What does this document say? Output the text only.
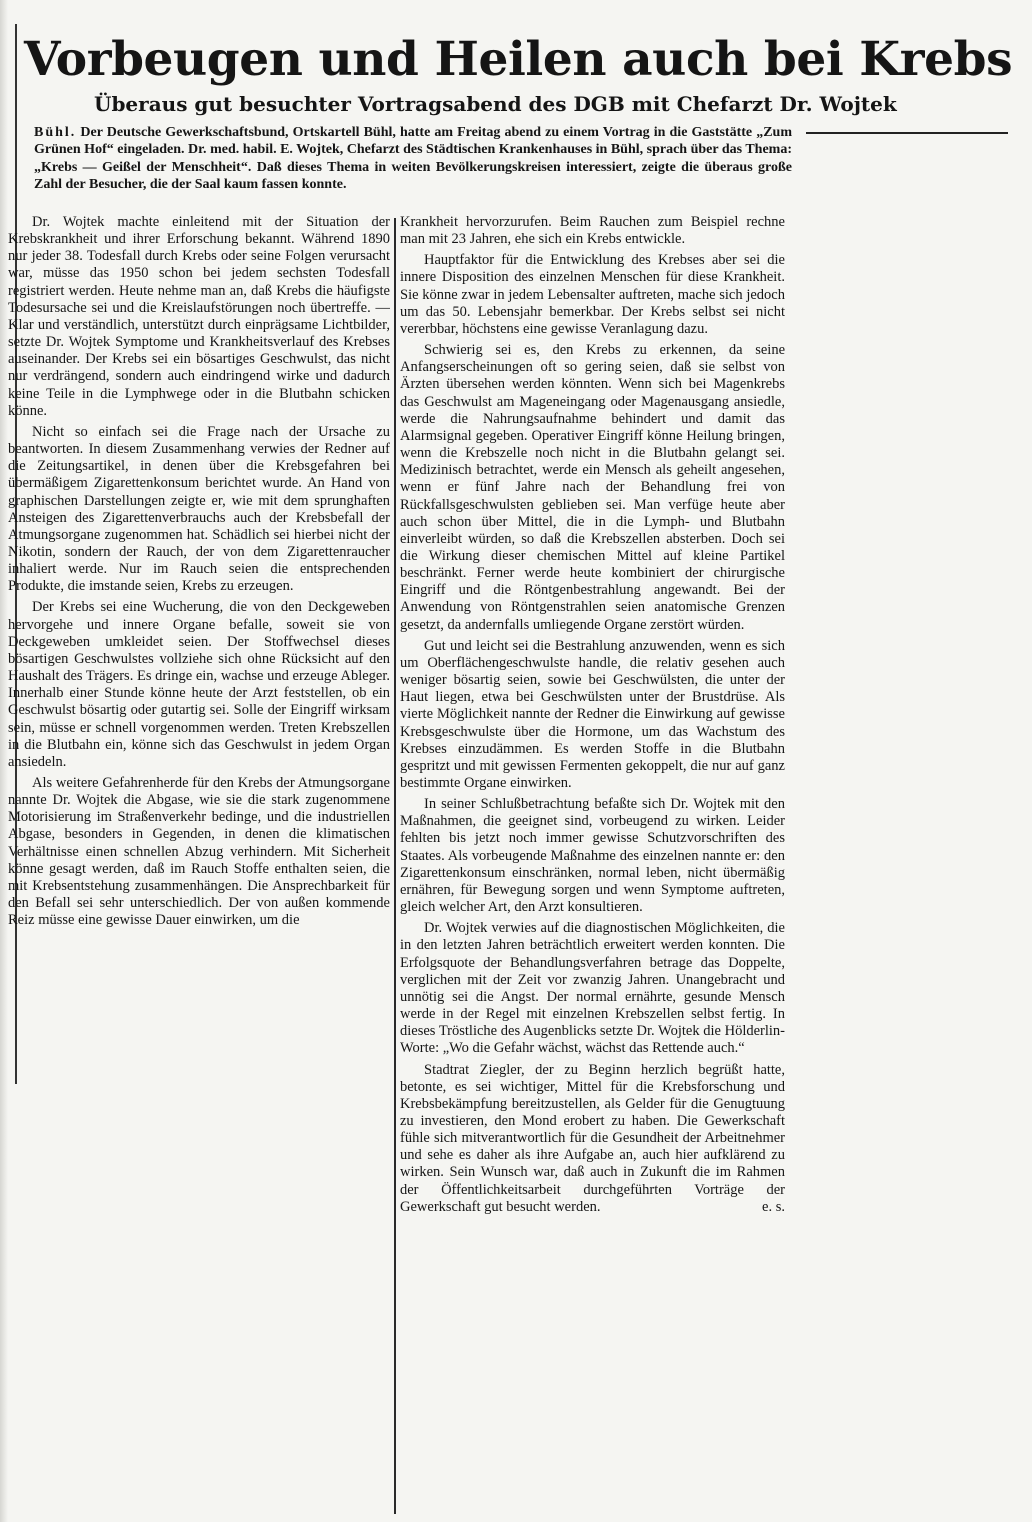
Vorbeugen und Heilen auch bei Krebs
Überaus gut besuchter Vortragsabend des DGB mit Chefarzt Dr. Wojtek

Bühl. Der Deutsche Gewerkschaftsbund, Ortskartell Bühl, hatte am Freitag abend zu einem Vortrag in die Gaststätte „Zum Grünen Hof“ eingeladen. Dr. med. habil. E. Wojtek, Chefarzt des Städtischen Krankenhauses in Bühl, sprach über das Thema: „Krebs — Geißel der Menschheit“. Daß dieses Thema in weiten Bevölkerungskreisen interessiert, zeigte die überaus große Zahl der Besucher, die der Saal kaum fassen konnte.

Dr. Wojtek machte einleitend mit der Situation der Krebskrankheit und ihrer Erforschung bekannt. Während 1890 nur jeder 38. Todesfall durch Krebs oder seine Folgen verursacht war, müsse das 1950 schon bei jedem sechsten Todesfall registriert werden. Heute nehme man an, daß Krebs die häufigste Todesursache sei und die Kreislaufstörungen noch übertreffe. — Klar und verständlich, unterstützt durch einprägsame Lichtbilder, setzte Dr. Wojtek Symptome und Krankheitsverlauf des Krebses auseinander. Der Krebs sei ein bösartiges Geschwulst, das nicht nur verdrängend, sondern auch eindringend wirke und dadurch keine Teile in die Lymphwege oder in die Blutbahn schicken könne.

Nicht so einfach sei die Frage nach der Ursache zu beantworten. In diesem Zusammenhang verwies der Redner auf die Zeitungsartikel, in denen über die Krebsgefahren bei übermäßigem Zigarettenkonsum berichtet wurde. An Hand von graphischen Darstellungen zeigte er, wie mit dem sprunghaften Ansteigen des Zigarettenverbrauchs auch der Krebsbefall der Atmungsorgane zugenommen hat. Schädlich sei hierbei nicht der Nikotin, sondern der Rauch, der von dem Zigarettenraucher inhaliert werde. Nur im Rauch seien die entsprechenden Produkte, die imstande seien, Krebs zu erzeugen.

Der Krebs sei eine Wucherung, die von den Deckgeweben hervorgehe und innere Organe befalle, soweit sie von Deckgeweben umkleidet seien. Der Stoffwechsel dieses bösartigen Geschwulstes vollziehe sich ohne Rücksicht auf den Haushalt des Trägers. Es dringe ein, wachse und erzeuge Ableger. Innerhalb einer Stunde könne heute der Arzt feststellen, ob ein Geschwulst bösartig oder gutartig sei. Solle der Eingriff wirksam sein, müsse er schnell vorgenommen werden. Treten Krebszellen in die Blutbahn ein, könne sich das Geschwulst in jedem Organ ansiedeln.

Als weitere Gefahrenherde für den Krebs der Atmungsorgane nannte Dr. Wojtek die Abgase, wie sie die stark zugenommene Motorisierung im Straßenverkehr bedinge, und die industriellen Abgase, besonders in Gegenden, in denen die klimatischen Verhältnisse einen schnellen Abzug verhindern. Mit Sicherheit könne gesagt werden, daß im Rauch Stoffe enthalten seien, die mit Krebsentstehung zusammenhängen. Die Ansprechbarkeit für den Befall sei sehr unterschiedlich. Der von außen kommende Reiz müsse eine gewisse Dauer einwirken, um die

Krankheit hervorzurufen. Beim Rauchen zum Beispiel rechne man mit 23 Jahren, ehe sich ein Krebs entwickle.

Hauptfaktor für die Entwicklung des Krebses aber sei die innere Disposition des einzelnen Menschen für diese Krankheit. Sie könne zwar in jedem Lebensalter auftreten, mache sich jedoch um das 50. Lebensjahr bemerkbar. Der Krebs selbst sei nicht vererbbar, höchstens eine gewisse Veranlagung dazu.

Schwierig sei es, den Krebs zu erkennen, da seine Anfangserscheinungen oft so gering seien, daß sie selbst von Ärzten übersehen werden könnten. Wenn sich bei Magenkrebs das Geschwulst am Mageneingang oder Magenausgang ansiedle, werde die Nahrungsaufnahme behindert und damit das Alarmsignal gegeben. Operativer Eingriff könne Heilung bringen, wenn die Krebszelle noch nicht in die Blutbahn gelangt sei. Medizinisch betrachtet, werde ein Mensch als geheilt angesehen, wenn er fünf Jahre nach der Behandlung frei von Rückfallsgeschwulsten geblieben sei. Man verfüge heute aber auch schon über Mittel, die in die Lymph- und Blutbahn einverleibt würden, so daß die Krebszellen absterben. Doch sei die Wirkung dieser chemischen Mittel auf kleine Partikel beschränkt. Ferner werde heute kombiniert der chirurgische Eingriff und die Röntgenbestrahlung angewandt. Bei der Anwendung von Röntgenstrahlen seien anatomische Grenzen gesetzt, da andernfalls umliegende Organe zerstört würden.

Gut und leicht sei die Bestrahlung anzuwenden, wenn es sich um Oberflächengeschwulste handle, die relativ gesehen auch weniger bösartig seien, sowie bei Geschwülsten, die unter der Haut liegen, etwa bei Geschwülsten unter der Brustdrüse. Als vierte Möglichkeit nannte der Redner die Einwirkung auf gewisse Krebsgeschwulste über die Hormone, um das Wachstum des Krebses einzudämmen. Es werden Stoffe in die Blutbahn gespritzt und mit gewissen Fermenten gekoppelt, die nur auf ganz bestimmte Organe einwirken.

In seiner Schlußbetrachtung befaßte sich Dr. Wojtek mit den Maßnahmen, die geeignet sind, vorbeugend zu wirken. Leider fehlten bis jetzt noch immer gewisse Schutzvorschriften des Staates. Als vorbeugende Maßnahme des einzelnen nannte er: den Zigarettenkonsum einschränken, normal leben, nicht übermäßig ernähren, für Bewegung sorgen und wenn Symptome auftreten, gleich welcher Art, den Arzt konsultieren.

Dr. Wojtek verwies auf die diagnostischen Möglichkeiten, die in den letzten Jahren beträchtlich erweitert werden konnten. Die Erfolgsquote der Behandlungsverfahren betrage das Doppelte, verglichen mit der Zeit vor zwanzig Jahren. Unangebracht und unnötig sei die Angst. Der normal ernährte, gesunde Mensch werde in der Regel mit einzelnen Krebszellen selbst fertig. In dieses Tröstliche des Augenblicks setzte Dr. Wojtek die Hölderlin-Worte: „Wo die Gefahr wächst, wächst das Rettende auch.“

Stadtrat Ziegler, der zu Beginn herzlich begrüßt hatte, betonte, es sei wichtiger, Mittel für die Krebsforschung und Krebsbekämpfung bereitzustellen, als Gelder für die Genugtuung zu investieren, den Mond erobert zu haben. Die Gewerkschaft fühle sich mitverantwortlich für die Gesundheit der Arbeitnehmer und sehe es daher als ihre Aufgabe an, auch hier aufklärend zu wirken. Sein Wunsch war, daß auch in Zukunft die im Rahmen der Öffentlichkeitsarbeit durchgeführten Vorträge der Gewerkschaft gut besucht werden.	e. s.
